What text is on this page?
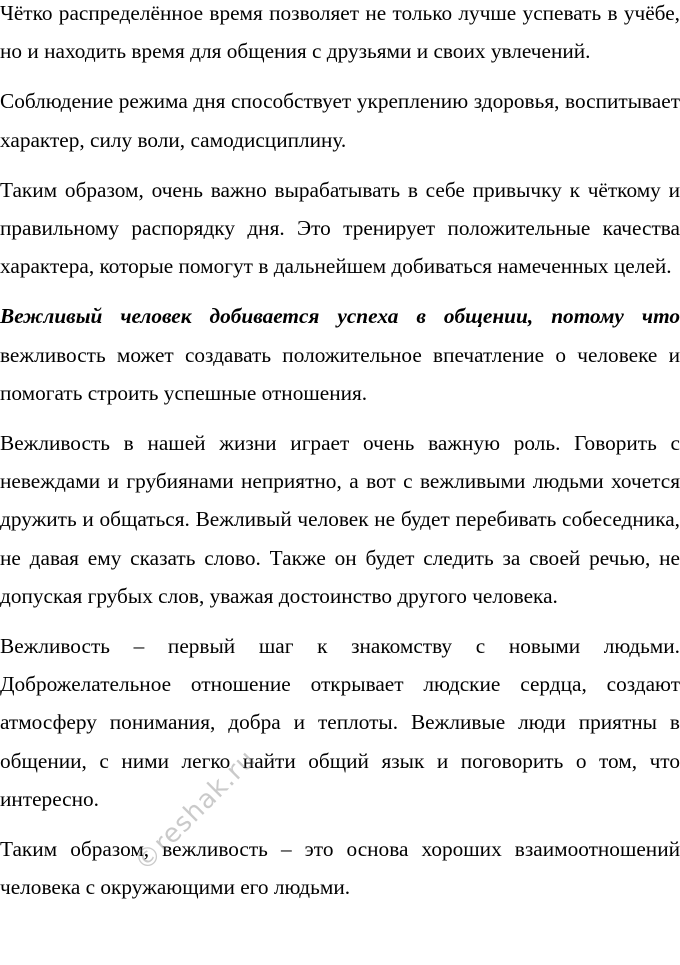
Чётко распределённое время позволяет не только лучше успевать в учёбе, но и находить время для общения с друзьями и своих увлечений.

Соблюдение режима дня способствует укреплению здоровья, воспитывает характер, силу воли, самодисциплину.

Таким образом, очень важно вырабатывать в себе привычку к чёткому и правильному распорядку дня. Это тренирует положительные качества характера, которые помогут в дальнейшем добиваться намеченных целей.

Вежливый человек добивается успеха в общении, потому что вежливость может создавать положительное впечатление о человеке и помогать строить успешные отношения.

Вежливость в нашей жизни играет очень важную роль. Говорить с невеждами и грубиянами неприятно, а вот с вежливыми людьми хочется дружить и общаться. Вежливый человек не будет перебивать собеседника, не давая ему сказать слово. Также он будет следить за своей речью, не допуская грубых слов, уважая достоинство другого человека.

Вежливость – первый шаг к знакомству с новыми людьми. Доброжелательное отношение открывает людские сердца, создают атмосферу понимания, добра и теплоты. Вежливые люди приятны в общении, с ними легко найти общий язык и поговорить о том, что интересно.

Таким образом, вежливость – это основа хороших взаимоотношений человека с окружающими его людьми.

©reshak.ru
